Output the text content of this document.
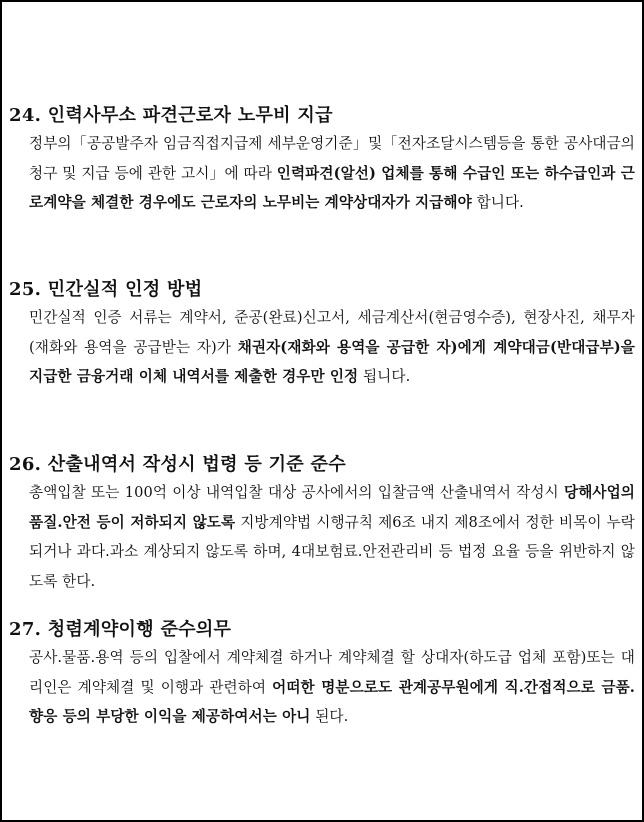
24. 인력사무소 파견근로자 노무비 지급

정부의「공공발주자 임금직접지급제 세부운영기준」및「전자조달시스템등을 통한 공사대금의 청구 및 지급 등에 관한 고시」에 따라 인력파견(알선) 업체를 통해 수급인 또는 하수급인과 근로계약을 체결한 경우에도 근로자의 노무비는 계약상대자가 지급해야 합니다.

25. 민간실적 인정 방법

민간실적 인증 서류는 계약서, 준공(완료)신고서, 세금계산서(현금영수증), 현장사진, 채무자(재화와 용역을 공급받는 자)가 채권자(재화와 용역을 공급한 자)에게 계약대금(반대급부)을 지급한 금융거래 이체 내역서를 제출한 경우만 인정 됩니다.

26. 산출내역서 작성시 법령 등 기준 준수

총액입찰 또는 100억 이상 내역입찰 대상 공사에서의 입찰금액 산출내역서 작성시 당해사업의 품질.안전 등이 저하되지 않도록 지방계약법 시행규칙 제6조 내지 제8조에서 정한 비목이 누락되거나 과다.과소 계상되지 않도록 하며, 4대보험료.안전관리비 등 법정 요율 등을 위반하지 않도록 한다.

27. 청렴계약이행 준수의무

공사.물품.용역 등의 입찰에서 계약체결 하거나 계약체결 할 상대자(하도급 업체 포함)또는 대리인은 계약체결 및 이행과 관련하여 어떠한 명분으로도 관계공무원에게 직.간접적으로 금품.향응 등의 부당한 이익을 제공하여서는 아니 된다.
